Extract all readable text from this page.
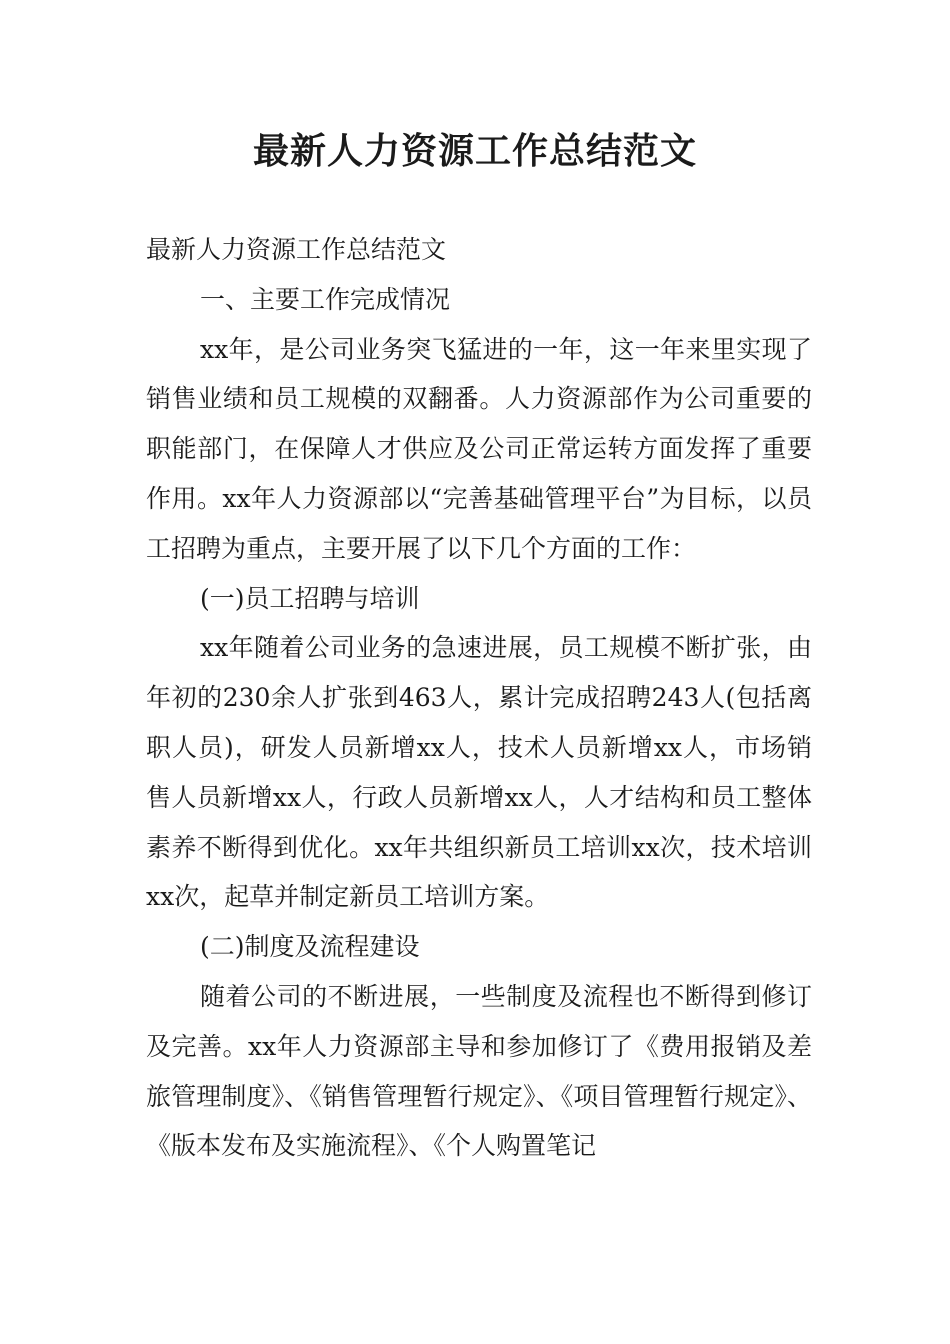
最新人力资源工作总结范文

最新人力资源工作总结范文

一、主要工作完成情况

xx年，是公司业务突飞猛进的一年，这一年来里实现了销售业绩和员工规模的双翻番。人力资源部作为公司重要的职能部门，在保障人才供应及公司正常运转方面发挥了重要作用。xx年人力资源部以“完善基础管理平台”为目标，以员工招聘为重点，主要开展了以下几个方面的工作：

(一)员工招聘与培训

xx年随着公司业务的急速进展，员工规模不断扩张，由年初的230余人扩张到463人，累计完成招聘243人(包括离职人员)，研发人员新增xx人，技术人员新增xx人，市场销售人员新增xx人，行政人员新增xx人，人才结构和员工整体素养不断得到优化。xx年共组织新员工培训xx次，技术培训xx次，起草并制定新员工培训方案。

(二)制度及流程建设

随着公司的不断进展，一些制度及流程也不断得到修订及完善。xx年人力资源部主导和参加修订了《费用报销及差旅管理制度》、《销售管理暂行规定》、《项目管理暂行规定》、《版本发布及实施流程》、《个人购置笔记
